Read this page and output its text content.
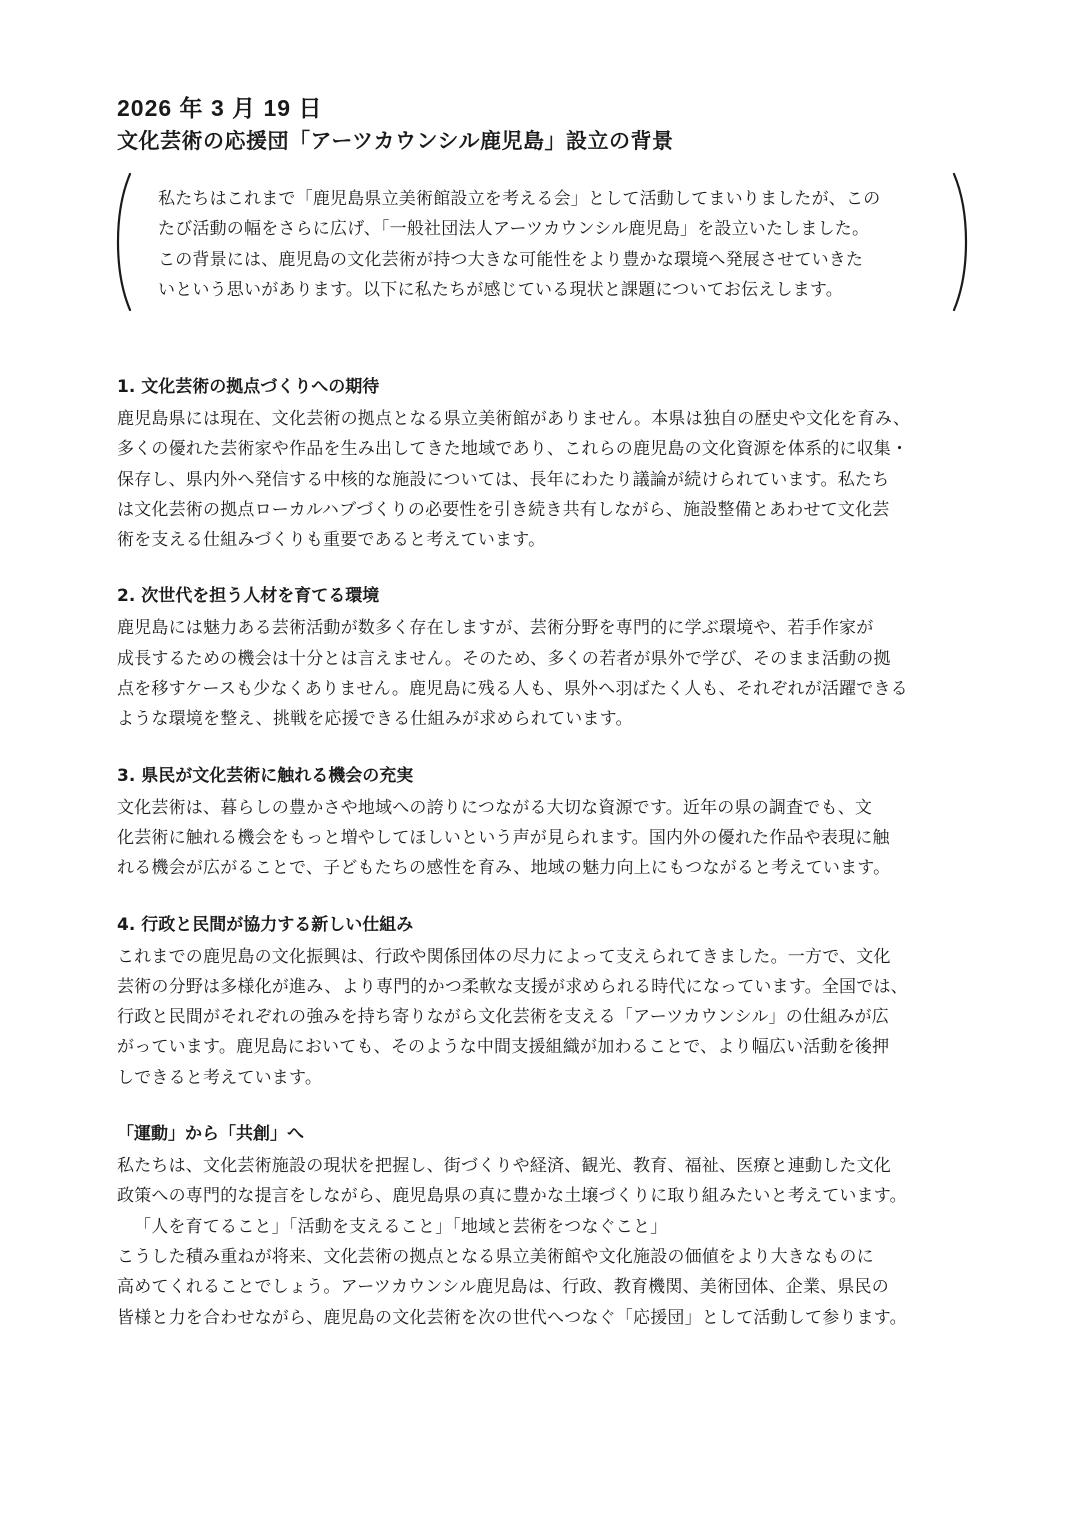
2026 年 3 月 19 日

文化芸術の応援団「アーツカウンシル鹿児島」設立の背景

私たちはこれまで「鹿児島県立美術館設立を考える会」として活動してまいりましたが、この
たび活動の幅をさらに広げ、「一般社団法人アーツカウンシル鹿児島」を設立いたしました。
この背景には、鹿児島の文化芸術が持つ大きな可能性をより豊かな環境へ発展させていきた
いという思いがあります。以下に私たちが感じている現状と課題についてお伝えします。

1. 文化芸術の拠点づくりへの期待

鹿児島県には現在、文化芸術の拠点となる県立美術館がありません。本県は独自の歴史や文化を育み、
多くの優れた芸術家や作品を生み出してきた地域であり、これらの鹿児島の文化資源を体系的に収集・
保存し、県内外へ発信する中核的な施設については、長年にわたり議論が続けられています。私たち
は文化芸術の拠点ローカルハブづくりの必要性を引き続き共有しながら、施設整備とあわせて文化芸
術を支える仕組みづくりも重要であると考えています。

2. 次世代を担う人材を育てる環境

鹿児島には魅力ある芸術活動が数多く存在しますが、芸術分野を専門的に学ぶ環境や、若手作家が
成長するための機会は十分とは言えません。そのため、多くの若者が県外で学び、そのまま活動の拠
点を移すケースも少なくありません。鹿児島に残る人も、県外へ羽ばたく人も、それぞれが活躍できる
ような環境を整え、挑戦を応援できる仕組みが求められています。

3. 県民が文化芸術に触れる機会の充実

文化芸術は、暮らしの豊かさや地域への誇りにつながる大切な資源です。近年の県の調査でも、文
化芸術に触れる機会をもっと増やしてほしいという声が見られます。国内外の優れた作品や表現に触
れる機会が広がることで、子どもたちの感性を育み、地域の魅力向上にもつながると考えています。

4. 行政と民間が協力する新しい仕組み

これまでの鹿児島の文化振興は、行政や関係団体の尽力によって支えられてきました。一方で、文化
芸術の分野は多様化が進み、より専門的かつ柔軟な支援が求められる時代になっています。全国では、
行政と民間がそれぞれの強みを持ち寄りながら文化芸術を支える「アーツカウンシル」の仕組みが広
がっています。鹿児島においても、そのような中間支援組織が加わることで、より幅広い活動を後押
しできると考えています。

「運動」から「共創」へ

私たちは、文化芸術施設の現状を把握し、街づくりや経済、観光、教育、福祉、医療と連動した文化
政策への専門的な提言をしながら、鹿児島県の真に豊かな土壌づくりに取り組みたいと考えています。
「人を育てること」「活動を支えること」「地域と芸術をつなぐこと」
こうした積み重ねが将来、文化芸術の拠点となる県立美術館や文化施設の価値をより大きなものに
高めてくれることでしょう。アーツカウンシル鹿児島は、行政、教育機関、美術団体、企業、県民の
皆様と力を合わせながら、鹿児島の文化芸術を次の世代へつなぐ「応援団」として活動して参ります。
